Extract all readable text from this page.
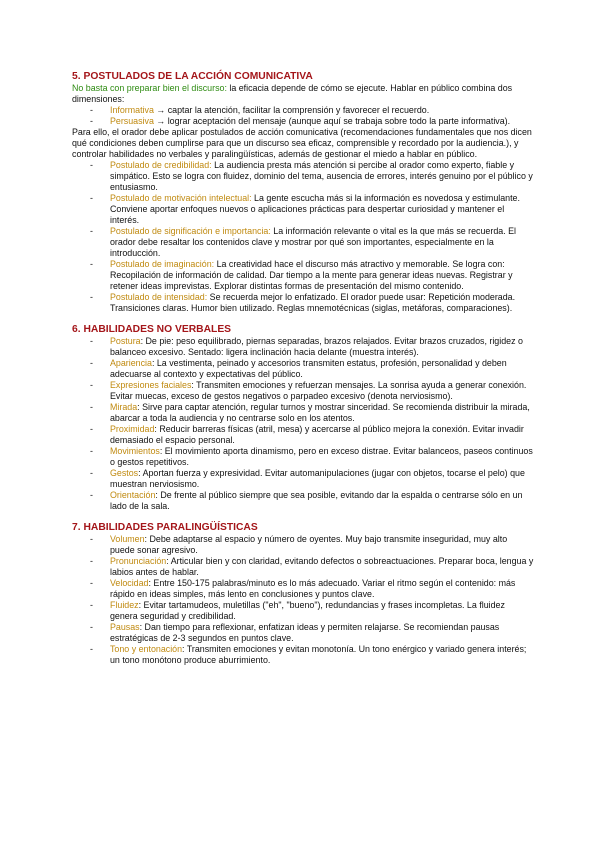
5. POSTULADOS DE LA ACCIÓN COMUNICATIVA

No basta con preparar bien el discurso: la eficacia depende de cómo se ejecute. Hablar en público combina dos dimensiones:

- Informativa → captar la atención, facilitar la comprensión y favorecer el recuerdo.
- Persuasiva → lograr aceptación del mensaje (aunque aquí se trabaja sobre todo la parte informativa).

Para ello, el orador debe aplicar postulados de acción comunicativa (recomendaciones fundamentales que nos dicen qué condiciones deben cumplirse para que un discurso sea eficaz, comprensible y recordado por la audiencia.), y controlar habilidades no verbales y paralingüísticas, además de gestionar el miedo a hablar en público.

- Postulado de credibilidad: La audiencia presta más atención si percibe al orador como experto, fiable y simpático. Esto se logra con fluidez, dominio del tema, ausencia de errores, interés genuino por el público y entusiasmo.
- Postulado de motivación intelectual: La gente escucha más si la información es novedosa y estimulante. Conviene aportar enfoques nuevos o aplicaciones prácticas para despertar curiosidad y mantener el interés.
- Postulado de significación e importancia: La información relevante o vital es la que más se recuerda. El orador debe resaltar los contenidos clave y mostrar por qué son importantes, especialmente en la introducción.
- Postulado de imaginación: La creatividad hace el discurso más atractivo y memorable. Se logra con: Recopilación de información de calidad. Dar tiempo a la mente para generar ideas nuevas. Registrar y retener ideas imprevistas. Explorar distintas formas de presentación del mismo contenido.
- Postulado de intensidad: Se recuerda mejor lo enfatizado. El orador puede usar: Repetición moderada. Transiciones claras. Humor bien utilizado. Reglas mnemotécnicas (siglas, metáforas, comparaciones).
6. HABILIDADES NO VERBALES
- Postura: De pie: peso equilibrado, piernas separadas, brazos relajados. Evitar brazos cruzados, rigidez o balanceo excesivo. Sentado: ligera inclinación hacia delante (muestra interés).
- Apariencia: La vestimenta, peinado y accesorios transmiten estatus, profesión, personalidad y deben adecuarse al contexto y expectativas del público.
- Expresiones faciales: Transmiten emociones y refuerzan mensajes. La sonrisa ayuda a generar conexión. Evitar muecas, exceso de gestos negativos o parpadeo excesivo (denota nerviosismo).
- Mirada: Sirve para captar atención, regular turnos y mostrar sinceridad. Se recomienda distribuir la mirada, abarcar a toda la audiencia y no centrarse solo en los atentos.
- Proximidad: Reducir barreras físicas (atril, mesa) y acercarse al público mejora la conexión. Evitar invadir demasiado el espacio personal.
- Movimientos: El movimiento aporta dinamismo, pero en exceso distrae. Evitar balanceos, paseos continuos o gestos repetitivos.
- Gestos: Aportan fuerza y expresividad. Evitar automanipulaciones (jugar con objetos, tocarse el pelo) que muestran nerviosismo.
- Orientación: De frente al público siempre que sea posible, evitando dar la espalda o centrarse sólo en un lado de la sala.
7. HABILIDADES PARALINGÜÍSTICAS
- Volumen: Debe adaptarse al espacio y número de oyentes. Muy bajo transmite inseguridad, muy alto puede sonar agresivo.
- Pronunciación: Articular bien y con claridad, evitando defectos o sobreactuaciones. Preparar boca, lengua y labios antes de hablar.
- Velocidad: Entre 150-175 palabras/minuto es lo más adecuado. Variar el ritmo según el contenido: más rápido en ideas simples, más lento en conclusiones y puntos clave.
- Fluidez: Evitar tartamudeos, muletillas ("eh", "bueno"), redundancias y frases incompletas. La fluidez genera seguridad y credibilidad.
- Pausas: Dan tiempo para reflexionar, enfatizan ideas y permiten relajarse. Se recomiendan pausas estratégicas de 2-3 segundos en puntos clave.
- Tono y entonación: Transmiten emociones y evitan monotonía. Un tono enérgico y variado genera interés; un tono monótono produce aburrimiento.
